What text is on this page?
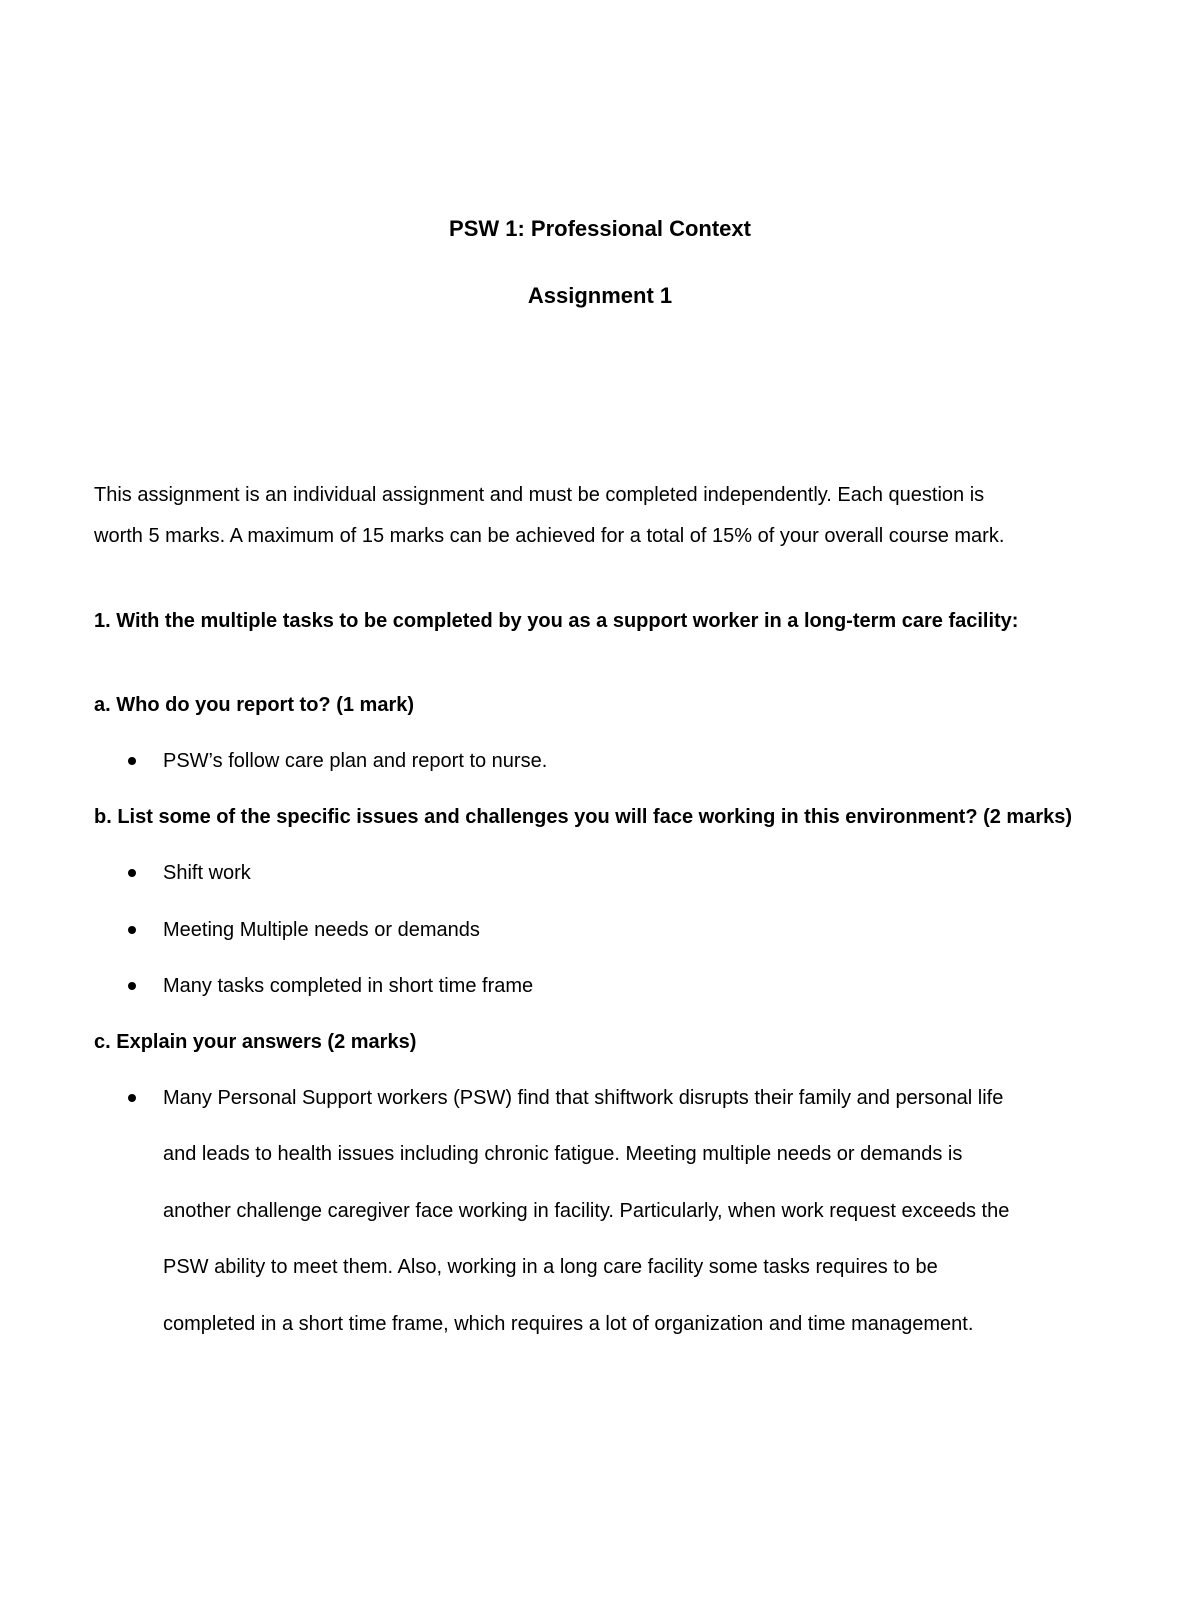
PSW 1: Professional Context
Assignment 1
This assignment is an individual assignment and must be completed independently. Each question is
worth 5 marks. A maximum of 15 marks can be achieved for a total of 15% of your overall course mark.
1. With the multiple tasks to be completed by you as a support worker in a long-term care facility:
a. Who do you report to? (1 mark)
PSW’s follow care plan and report to nurse.
b. List some of the specific issues and challenges you will face working in this environment? (2 marks)
Shift work
Meeting Multiple needs or demands
Many tasks completed in short time frame
c. Explain your answers (2 marks)
Many Personal Support workers (PSW) find that shiftwork disrupts their family and personal life
and leads to health issues including chronic fatigue. Meeting multiple needs or demands is
another challenge caregiver face working in facility. Particularly, when work request exceeds the
PSW ability to meet them. Also, working in a long care facility some tasks requires to be
completed in a short time frame, which requires a lot of organization and time management.
